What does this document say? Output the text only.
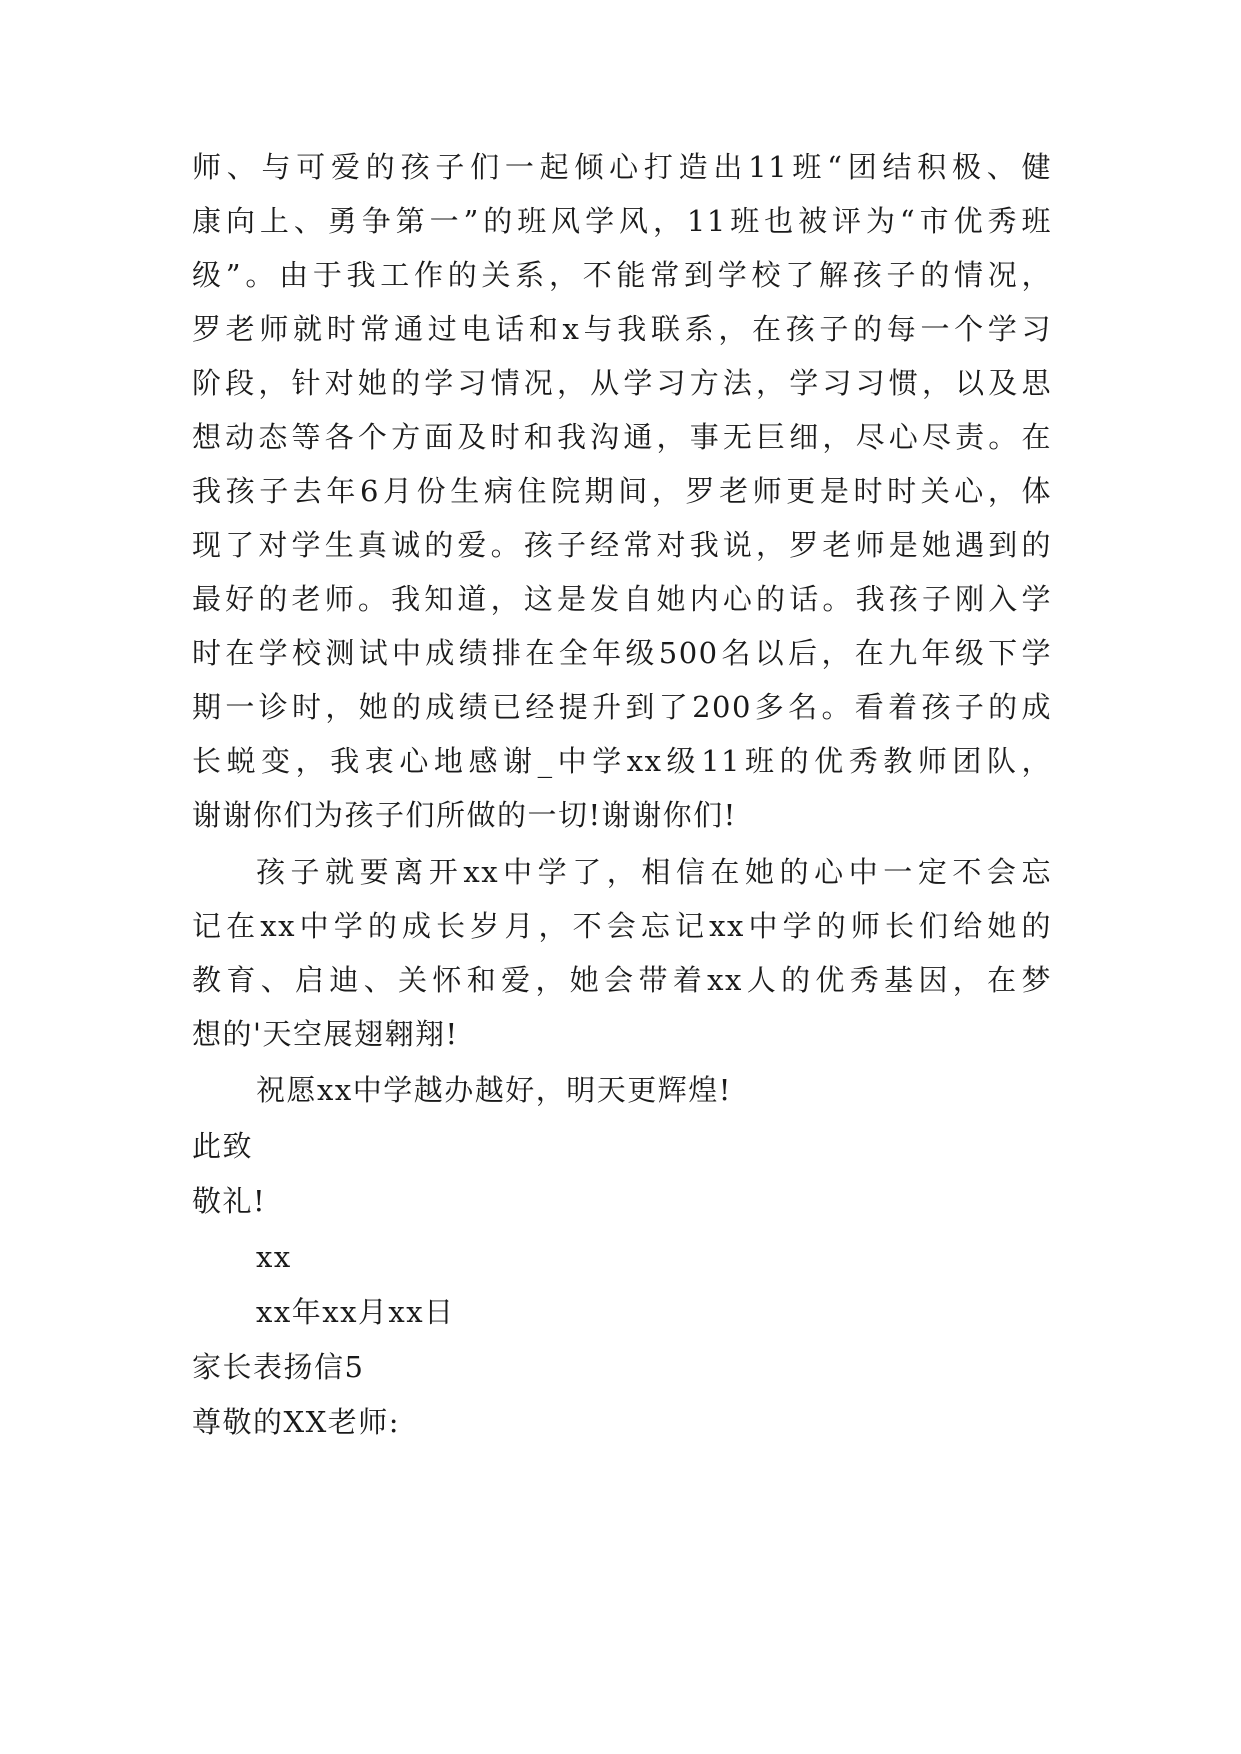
师、与可爱的孩子们一起倾心打造出11班“团结积极、健
康向上、勇争第一”的班风学风，11班也被评为“市优秀班
级”。由于我工作的关系，不能常到学校了解孩子的情况，
罗老师就时常通过电话和x与我联系，在孩子的每一个学习
阶段，针对她的学习情况，从学习方法，学习习惯，以及思
想动态等各个方面及时和我沟通，事无巨细，尽心尽责。在
我孩子去年6月份生病住院期间，罗老师更是时时关心，体
现了对学生真诚的爱。孩子经常对我说，罗老师是她遇到的
最好的老师。我知道，这是发自她内心的话。我孩子刚入学
时在学校测试中成绩排在全年级500名以后，在九年级下学
期一诊时，她的成绩已经提升到了200多名。看着孩子的成
长蜕变，我衷心地感谢_中学xx级11班的优秀教师团队，
谢谢你们为孩子们所做的一切!谢谢你们!
孩子就要离开xx中学了，相信在她的心中一定不会忘
记在xx中学的成长岁月，不会忘记xx中学的师长们给她的
教育、启迪、关怀和爱，她会带着xx人的优秀基因，在梦
想的'天空展翅翱翔!
祝愿xx中学越办越好，明天更辉煌!
此致
敬礼!
xx
xx年xx月xx日
家长表扬信5
尊敬的XX老师:
